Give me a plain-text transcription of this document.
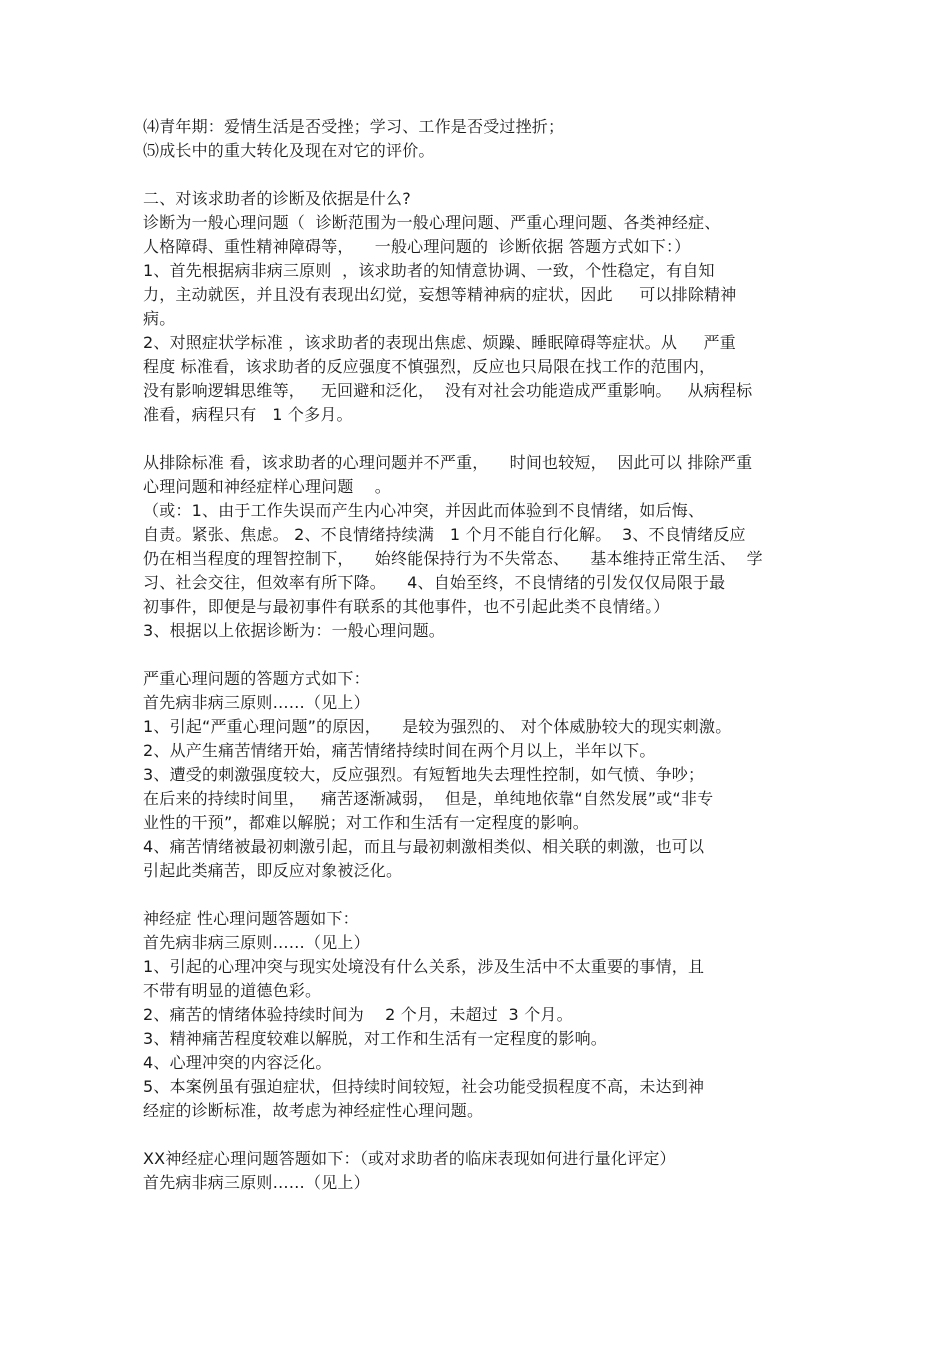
⑷青年期：爱情生活是否受挫；学习、工作是否受过挫折；
⑸成长中的重大转化及现在对它的评价。
二、对该求助者的诊断及依据是什么?
诊断为一般心理问题（  诊断范围为一般心理问题、严重心理问题、各类神经症、
人格障碍、重性精神障碍等，    一般心理问题的  诊断依据 答题方式如下：）
1、首先根据病非病三原则  ，该求助者的知情意协调、一致，个性稳定，有自知
力，主动就医，并且没有表现出幻觉，妄想等精神病的症状，因此     可以排除精神
病。
2、对照症状学标准 ，该求助者的表现出焦虑、烦躁、睡眠障碍等症状。从     严重
程度 标准看，该求助者的反应强度不慎强烈，反应也只局限在找工作的范围内，
没有影响逻辑思维等，   无回避和泛化，  没有对社会功能造成严重影响。   从病程标
准看，病程只有   1 个多月。
从排除标准 看，该求助者的心理问题并不严重，    时间也较短，  因此可以 排除严重
心理问题和神经症样心理问题    。
（或：1、由于工作失误而产生内心冲突，并因此而体验到不良情绪，如后悔、
自责。紧张、焦虑。 2、不良情绪持续满   1 个月不能自行化解。  3、不良情绪反应
仍在相当程度的理智控制下，    始终能保持行为不失常态、    基本维持正常生活、  学
习、社会交往，但效率有所下降。    4、自始至终，不良情绪的引发仅仅局限于最
初事件，即便是与最初事件有联系的其他事件，也不引起此类不良情绪。）
3、根据以上依据诊断为：一般心理问题。
严重心理问题的答题方式如下：
首先病非病三原则……（见上）
1、引起“严重心理问题”的原因，    是较为强烈的、 对个体威胁较大的现实刺激。
2、从产生痛苦情绪开始，痛苦情绪持续时间在两个月以上，半年以下。
3、遭受的刺激强度较大，反应强烈。有短暂地失去理性控制，如气愤、争吵；
在后来的持续时间里，   痛苦逐渐减弱，  但是，单纯地依靠“自然发展”或“非专
业性的干预”，都难以解脱；对工作和生活有一定程度的影响。
4、痛苦情绪被最初刺激引起，而且与最初刺激相类似、相关联的刺激，也可以
引起此类痛苦，即反应对象被泛化。
神经症 性心理问题答题如下：
首先病非病三原则……（见上）
1、引起的心理冲突与现实处境没有什么关系，涉及生活中不太重要的事情，且
不带有明显的道德色彩。
2、痛苦的情绪体验持续时间为    2 个月，未超过  3 个月。
3、精神痛苦程度较难以解脱，对工作和生活有一定程度的影响。
4、心理冲突的内容泛化。
5、本案例虽有强迫症状，但持续时间较短，社会功能受损程度不高，未达到神
经症的诊断标准，故考虑为神经症性心理问题。
XX神经症心理问题答题如下：（或对求助者的临床表现如何进行量化评定）
首先病非病三原则……（见上）
